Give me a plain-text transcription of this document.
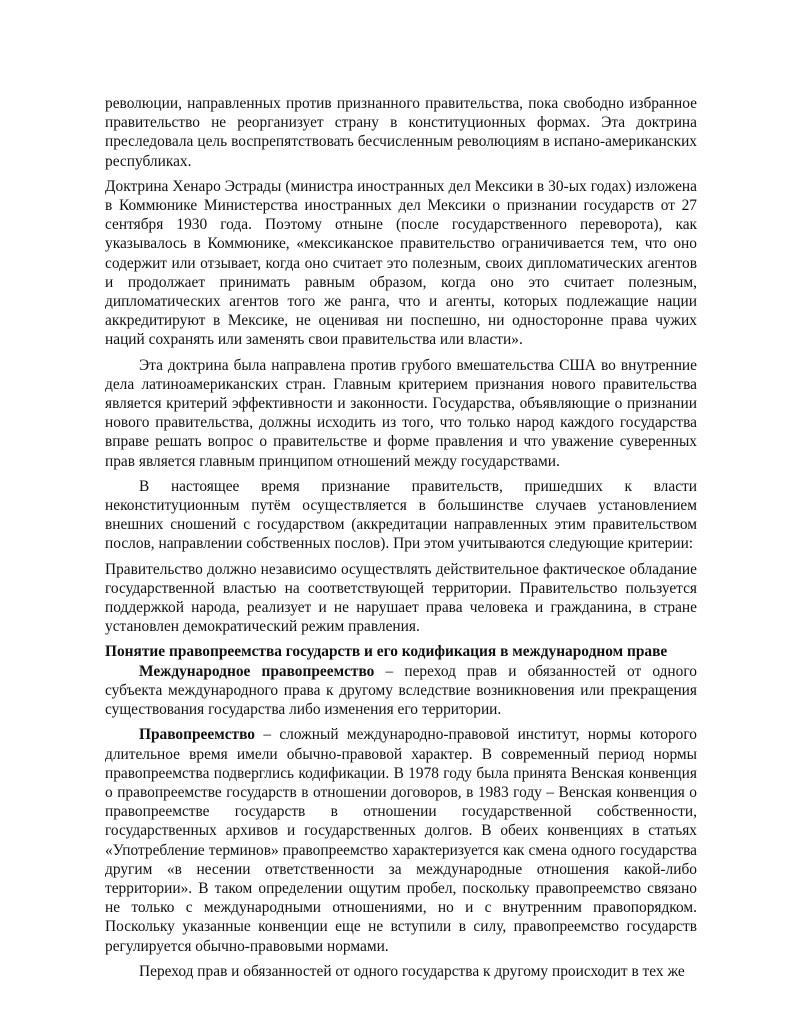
революции, направленных против признанного правительства, пока свободно избранное правительство не реорганизует страну в конституционных формах. Эта доктрина преследовала цель воспрепятствовать бесчисленным революциям в испано-американских республиках.

Доктрина Хенаро Эстрады (министра иностранных дел Мексики в 30-ых годах) изложена в Коммюнике Министерства иностранных дел Мексики о признании государств от 27 сентября 1930 года. Поэтому отныне (после государственного переворота), как указывалось в Коммюнике, «мексиканское правительство ограничивается тем, что оно содержит или отзывает, когда оно считает это полезным, своих дипломатических агентов и продолжает принимать равным образом, когда оно это считает полезным, дипломатических агентов того же ранга, что и агенты, которых подлежащие нации аккредитируют в Мексике, не оценивая ни поспешно, ни односторонне права чужих наций сохранять или заменять свои правительства или власти».

Эта доктрина была направлена против грубого вмешательства США во внутренние дела латиноамериканских стран. Главным критерием признания нового правительства является критерий эффективности и законности. Государства, объявляющие о признании нового правительства, должны исходить из того, что только народ каждого государства вправе решать вопрос о правительстве и форме правления и что уважение суверенных прав является главным принципом отношений между государствами.

В настоящее время признание правительств, пришедших к власти неконституционным путём осуществляется в большинстве случаев установлением внешних сношений с государством (аккредитации направленных этим правительством послов, направлении собственных послов). При этом учитываются следующие критерии:

Правительство должно независимо осуществлять действительное фактическое обладание государственной властью на соответствующей территории. Правительство пользуется поддержкой народа, реализует и не нарушает права человека и гражданина, в стране установлен демократический режим правления.

Понятие правопреемства государств и его кодификация в международном праве

Международное правопреемство – переход прав и обязанностей от одного субъекта международного права к другому вследствие возникновения или прекращения существования государства либо изменения его территории.

Правопреемство – сложный международно-правовой институт, нормы которого длительное время имели обычно-правовой характер. В современный период нормы правопреемства подверглись кодификации. В 1978 году была принята Венская конвенция о правопреемстве государств в отношении договоров, в 1983 году – Венская конвенция о правопреемстве государств в отношении государственной собственности, государственных архивов и государственных долгов. В обеих конвенциях в статьях «Употребление терминов» правопреемство характеризуется как смена одного государства другим «в несении ответственности за международные отношения какой-либо территории». В таком определении ощутим пробел, поскольку правопреемство связано не только с международными отношениями, но и с внутренним правопорядком. Поскольку указанные конвенции еще не вступили в силу, правопреемство государств регулируется обычно-правовыми нормами.

Переход прав и обязанностей от одного государства к другому происходит в тех же
